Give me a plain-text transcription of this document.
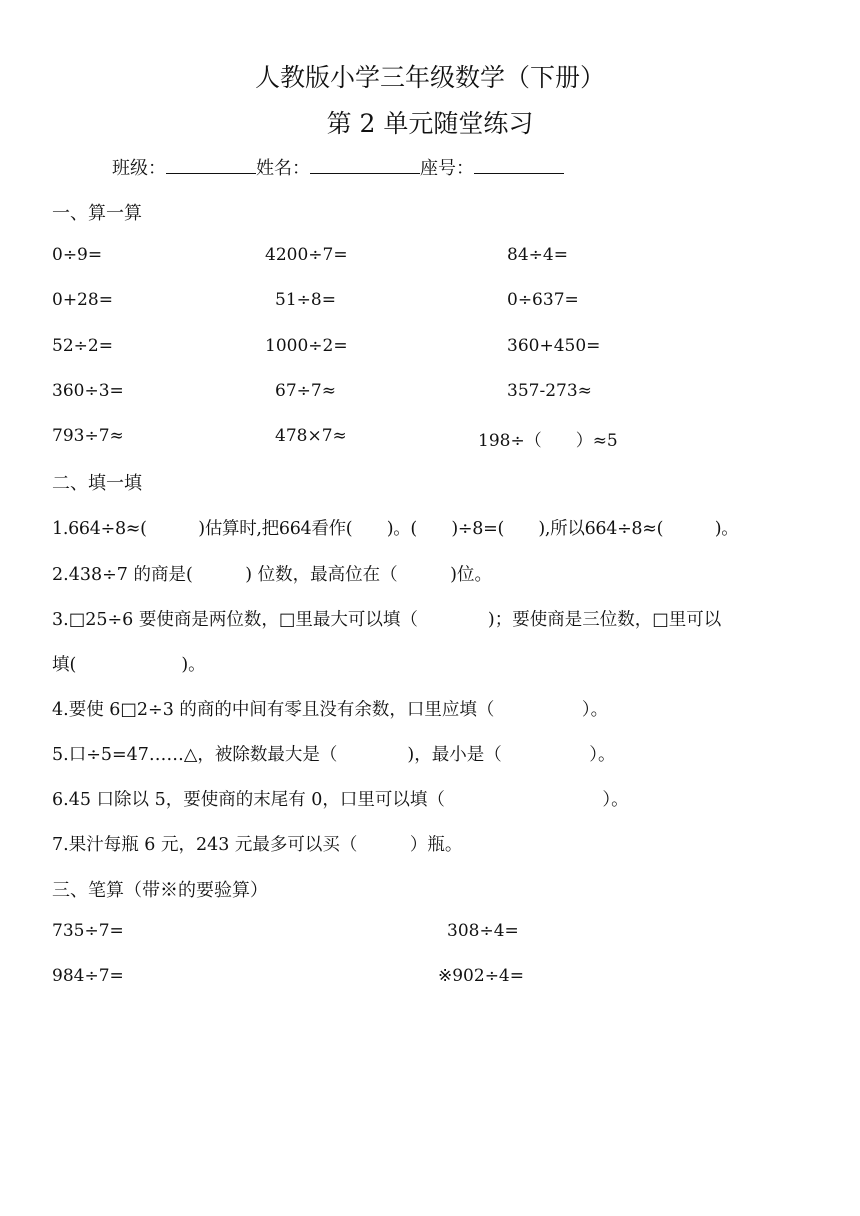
人教版小学三年级数学（下册）
第 2 单元随堂练习
班级：	姓名：	座号：
一、算一算
0÷9=	4200÷7=	84÷4=
0+28=	51÷8=	0÷637=
52÷2=	1000÷2=	360+450=
360÷3=	67÷7≈	357-273≈
793÷7≈	478×7≈	198÷（　　）≈5
二、填一填
1.664÷8≈(　　　)估算时,把664看作(　　)。(　　)÷8=(　　),所以664÷8≈(　　　)。
2.438÷7 的商是(　　　) 位数，最高位在（　　　)位。
3.□25÷6 要使商是两位数，□里最大可以填（　　　　)；要使商是三位数，□里可以
填(　　　　　　)。
4.要使 6□2÷3 的商的中间有零且没有余数，口里应填（　　　　　）。
5.口÷5=47……△，被除数最大是（　　　　)，最小是（　　　　　）。
6.45 口除以 5，要使商的末尾有 0，口里可以填（　　　　　　　　　）。
7.果汁每瓶 6 元，243 元最多可以买（　　　）瓶。
三、笔算（带※的要验算）
735÷7=	308÷4=
984÷7=	※902÷4=
